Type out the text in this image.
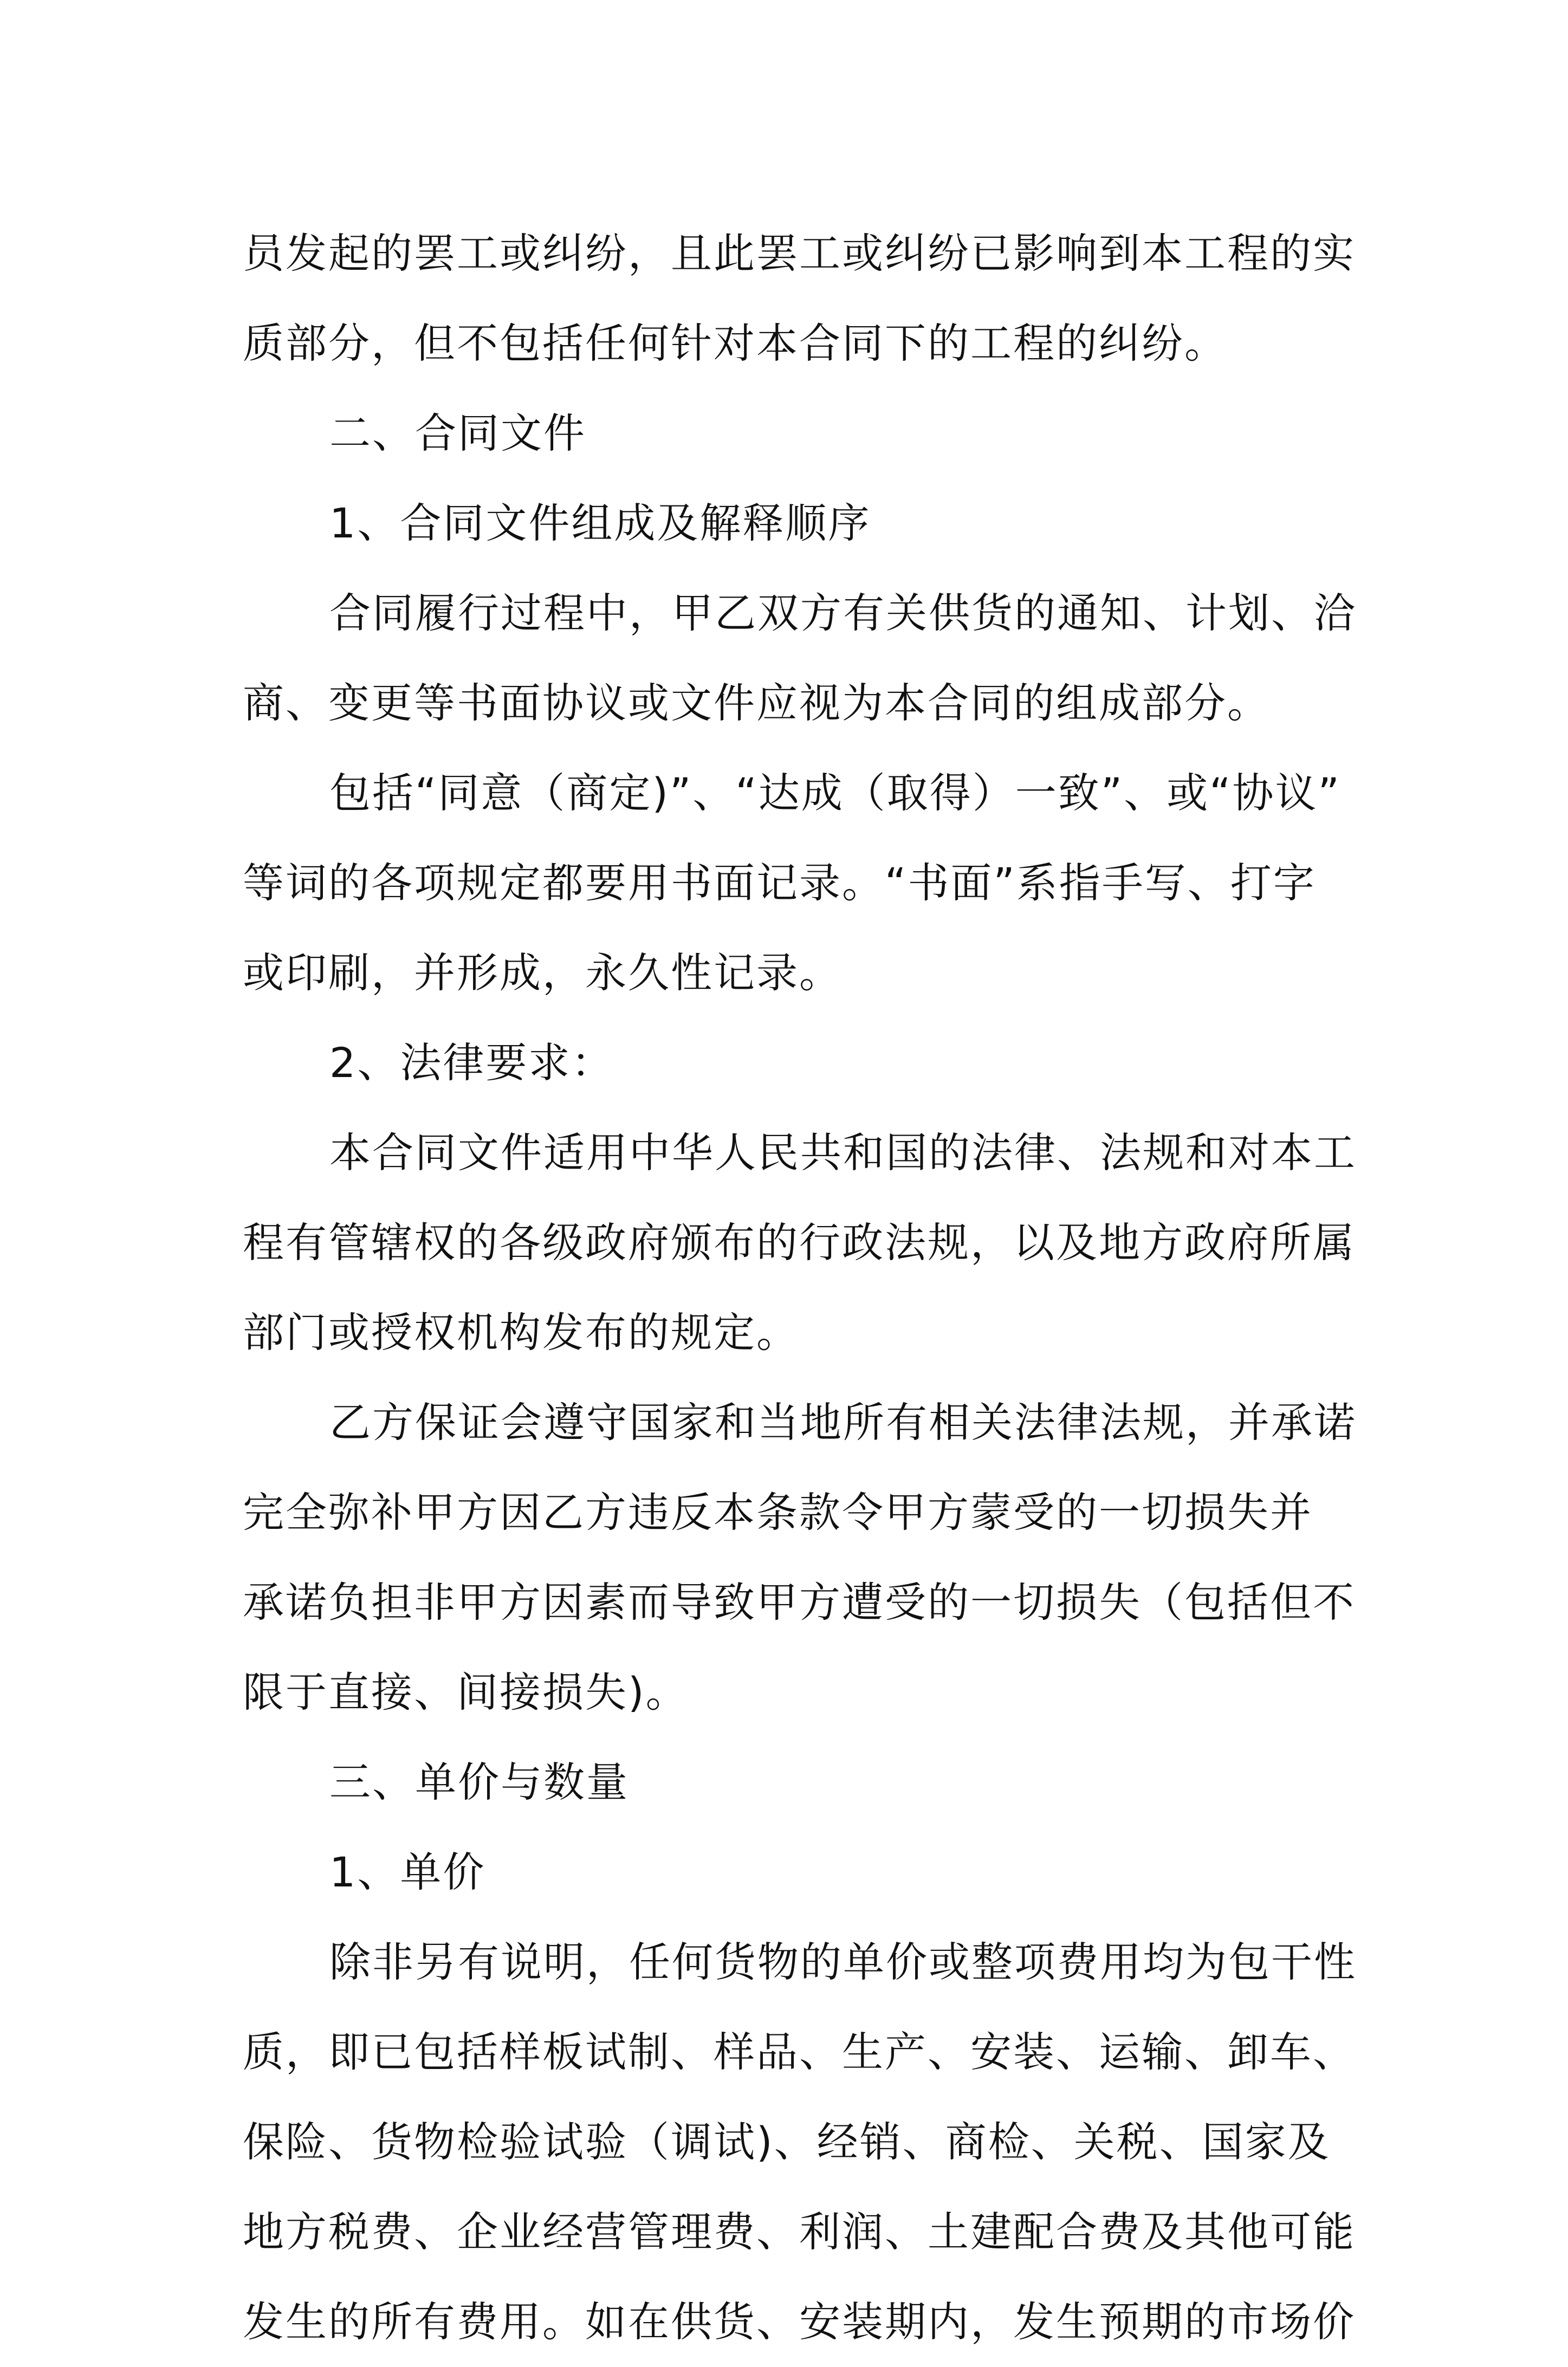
员发起的罢工或纠纷，且此罢工或纠纷已影响到本工程的实
质部分，但不包括任何针对本合同下的工程的纠纷。
二、合同文件
1、合同文件组成及解释顺序
合同履行过程中，甲乙双方有关供货的通知、计划、洽
商、变更等书面协议或文件应视为本合同的组成部分。
包括“同意（商定)”、“达成（取得）一致”、或“协议”
等词的各项规定都要用书面记录。“书面”系指手写、打字
或印刷，并形成，永久性记录。
2、法律要求：
本合同文件适用中华人民共和国的法律、法规和对本工
程有管辖权的各级政府颁布的行政法规，以及地方政府所属
部门或授权机构发布的规定。
乙方保证会遵守国家和当地所有相关法律法规，并承诺
完全弥补甲方因乙方违反本条款令甲方蒙受的一切损失并
承诺负担非甲方因素而导致甲方遭受的一切损失（包括但不
限于直接、间接损失)。
三、单价与数量
1、单价
除非另有说明，任何货物的单价或整项费用均为包干性
质，即已包括样板试制、样品、生产、安装、运输、卸车、
保险、货物检验试验（调试)、经销、商检、关税、国家及
地方税费、企业经营管理费、利润、土建配合费及其他可能
发生的所有费用。如在供货、安装期内，发生预期的市场价
